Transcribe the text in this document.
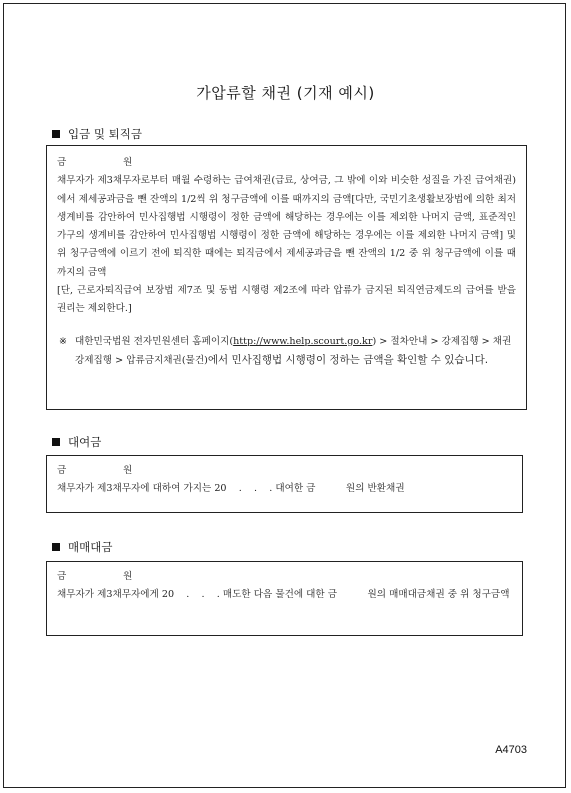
가압류할 채권 (기재 예시)
입금 및 퇴직금
금	원
채무자가 제3채무자로부터 매월 수령하는 급여채권(급료, 상여금, 그 밖에 이와 비슷한 성질을 가진 급여채권)에서 제세공과금을 뺀 잔액의 1/2씩 위 청구금액에 이를 때까지의 금액[다만, 국민기초생활보장법에 의한 최저생계비를 감안하여 민사집행법 시행령이 정한 금액에 해당하는 경우에는 이를 제외한 나머지 금액, 표준적인 가구의 생계비를 감안하여 민사집행법 시행령이 정한 금액에 해당하는 경우에는 이를 제외한 나머지 금액] 및 위 청구금액에 이르기 전에 퇴직한 때에는 퇴직금에서 제세공과금을 뺀 잔액의 1/2 중 위 청구금액에 이를 때까지의 금액
[단, 근로자퇴직급여 보장법 제7조 및 동법 시행령 제2조에 따라 압류가 금지된 퇴직연금제도의 급여를 받을 권리는 제외한다.]
※ 대한민국법원 전자민원센터 홈페이지(http://www.help.scourt.go.kr) > 절차안내 > 강제집행 > 채권강제집행 > 압류금지채권(물건)에서 민사집행법 시행령이 정하는 금액을 확인할 수 있습니다.
대여금
금	원
채무자가 제3채무자에 대하여 가지는 20    .    .    . 대여한 금          원의 반환채권
매매대금
금	원
채무자가 제3채무자에게 20    .    .    . 매도한 다음 물건에 대한 금          원의 매매대금채권 중 위 청구금액
A4703
